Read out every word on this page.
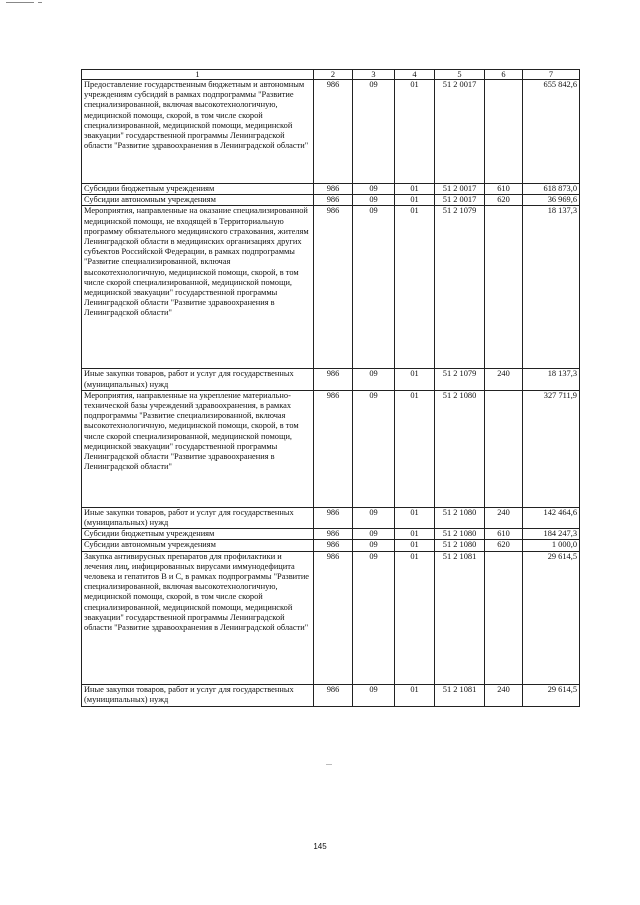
1	2	3	4	5	6	7
Предоставление государственным бюджетным и автономным учреждениям субсидий в рамках подпрограммы "Развитие специализированной, включая высокотехнологичную, медицинской помощи, скорой, в том числе скорой специализированной, медицинской помощи, медицинской эвакуации" государственной программы Ленинградской области "Развитие здравоохранения в Ленинградской области"	986	09	01	51 2 0017		655 842,6
Субсидии бюджетным учреждениям	986	09	01	51 2 0017	610	618 873,0
Субсидии автономным учреждениям	986	09	01	51 2 0017	620	36 969,6
Мероприятия, направленные на оказание специализированной медицинской помощи, не входящей в Территориальную программу обязательного медицинского страхования, жителям Ленинградской области в медицинских организациях других субъектов Российской Федерации, в рамках подпрограммы "Развитие специализированной, включая высокотехнологичную, медицинской помощи, скорой, в том числе скорой специализированной, медицинской помощи, медицинской эвакуации" государственной программы Ленинградской области "Развитие здравоохранения в Ленинградской области"	986	09	01	51 2 1079		18 137,3
Иные закупки товаров, работ и услуг для государственных (муниципальных) нужд	986	09	01	51 2 1079	240	18 137,3
Мероприятия, направленные на укрепление материально-технической базы учреждений здравоохранения, в рамках подпрограммы "Развитие специализированной, включая высокотехнологичную, медицинской помощи, скорой, в том числе скорой специализированной, медицинской помощи, медицинской эвакуации" государственной программы Ленинградской области "Развитие здравоохранения в Ленинградской области"	986	09	01	51 2 1080		327 711,9
Иные закупки товаров, работ и услуг для государственных (муниципальных) нужд	986	09	01	51 2 1080	240	142 464,6
Субсидии бюджетным учреждениям	986	09	01	51 2 1080	610	184 247,3
Субсидии автономным учреждениям	986	09	01	51 2 1080	620	1 000,0
Закупка антивирусных препаратов для профилактики и лечения лиц, инфицированных вирусами иммунодефицита человека и гепатитов В и С, в рамках подпрограммы "Развитие специализированной, включая высокотехнологичную, медицинской помощи, скорой, в том числе скорой специализированной, медицинской помощи, медицинской эвакуации" государственной программы Ленинградской области "Развитие здравоохранения в Ленинградской области"	986	09	01	51 2 1081		29 614,5
Иные закупки товаров, работ и услуг для государственных (муниципальных) нужд	986	09	01	51 2 1081	240	29 614,5
145
